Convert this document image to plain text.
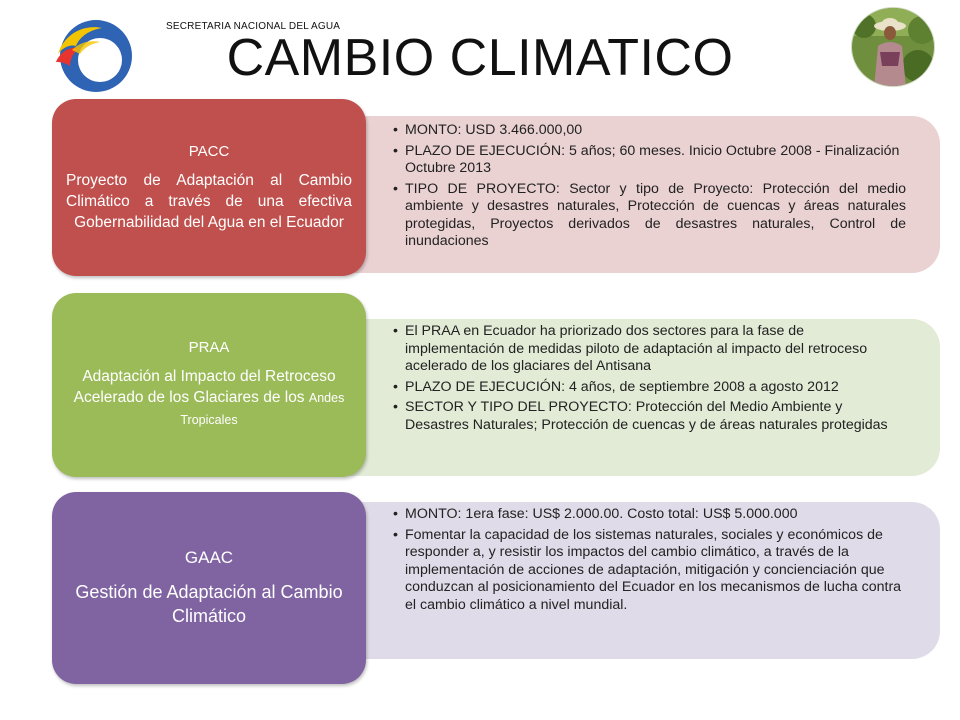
SECRETARIA NACIONAL DEL AGUA
CAMBIO CLIMATICO
• MONTO: USD 3.466.000,00
• PLAZO DE EJECUCIÓN: 5 años; 60 meses. Inicio Octubre 2008 - Finalización Octubre 2013
• TIPO DE PROYECTO: Sector y tipo de Proyecto: Protección del medio ambiente y desastres naturales, Protección de cuencas y áreas naturales protegidas, Proyectos derivados de desastres naturales, Control de inundaciones
PACC
Proyecto de Adaptación al Cambio Climático a través de una efectiva Gobernabilidad del Agua en el Ecuador
• El PRAA en Ecuador ha priorizado dos sectores para la fase de implementación de medidas piloto de adaptación al impacto del retroceso acelerado de los glaciares del Antisana
• PLAZO DE EJECUCIÓN: 4 años, de septiembre 2008 a agosto 2012
• SECTOR Y TIPO DEL PROYECTO: Protección del Medio Ambiente y Desastres Naturales; Protección de cuencas y de áreas naturales protegidas
PRAA
Adaptación al Impacto del Retroceso Acelerado de los Glaciares de los Andes Tropicales
• MONTO: 1era fase: US$ 2.000.00. Costo total: US$ 5.000.000
• Fomentar la capacidad de los sistemas naturales, sociales y económicos de responder a, y resistir los impactos del cambio climático, a través de la implementación de acciones de adaptación, mitigación y concienciación que conduzcan al posicionamiento del Ecuador en los mecanismos de lucha contra el cambio climático a nivel mundial.
GAAC
Gestión de Adaptación al Cambio Climático
